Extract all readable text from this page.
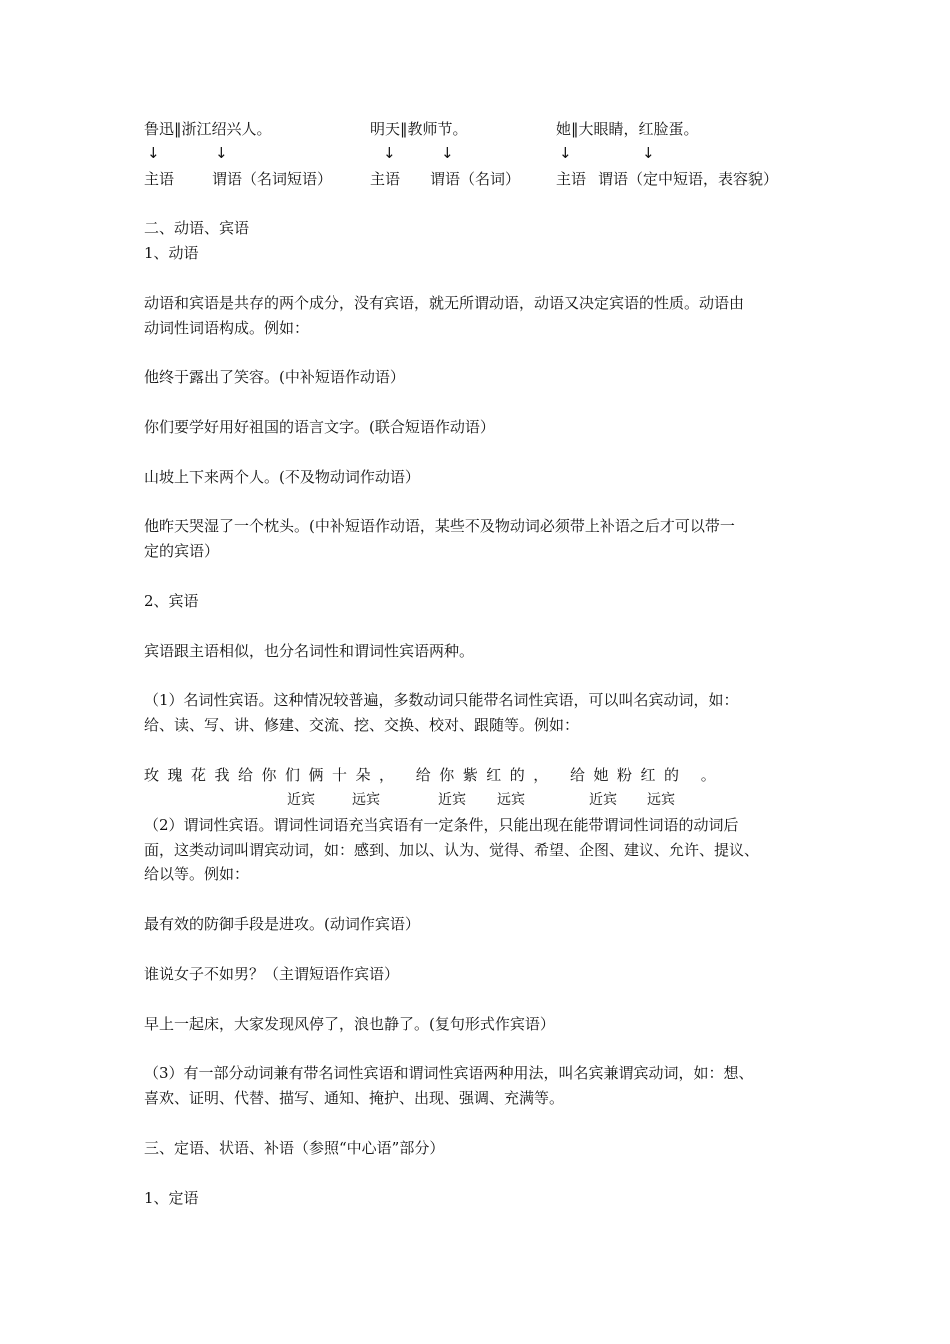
鲁迅‖浙江绍兴人。	明天‖教师节。	她‖大眼睛，红脸蛋。
↓	↓	↓	↓	↓	↓
主语	谓语（名词短语）	主语 谓语（名词） 主语 谓语（定中短语，表容貌）
二、动语、宾语
1、动语
动语和宾语是共存的两个成分，没有宾语，就无所谓动语，动语又决定宾语的性质。动语由
动词性词语构成。例如：
他终于露出了笑容。(中补短语作动语）
你们要学好用好祖国的语言文字。(联合短语作动语）
山坡上下来两个人。(不及物动词作动语）
他昨天哭湿了一个枕头。(中补短语作动语，某些不及物动词必须带上补语之后才可以带一
定的宾语）
2、宾语
宾语跟主语相似，也分名词性和谓词性宾语两种。
（1）名词性宾语。这种情况较普遍，多数动词只能带名词性宾语，可以叫名宾动词，如：
给、读、写、讲、修建、交流、挖、交换、校对、跟随等。例如：
玫瑰花我给你们俩十朵， 给你紫红的， 给她粉红的 。
近宾	远宾	近宾 远宾	近宾 远宾
（2）谓词性宾语。谓词性词语充当宾语有一定条件，只能出现在能带谓词性词语的动词后
面，这类动词叫谓宾动词，如：感到、加以、认为、觉得、希望、企图、建议、允许、提议、
给以等。例如：
最有效的防御手段是进攻。(动词作宾语）
谁说女子不如男？（主谓短语作宾语）
早上一起床，大家发现风停了，浪也静了。(复句形式作宾语）
（3）有一部分动词兼有带名词性宾语和谓词性宾语两种用法，叫名宾兼谓宾动词，如：想、
喜欢、证明、代替、描写、通知、掩护、出现、强调、充满等。
三、定语、状语、补语（参照“中心语”部分）
1、定语
